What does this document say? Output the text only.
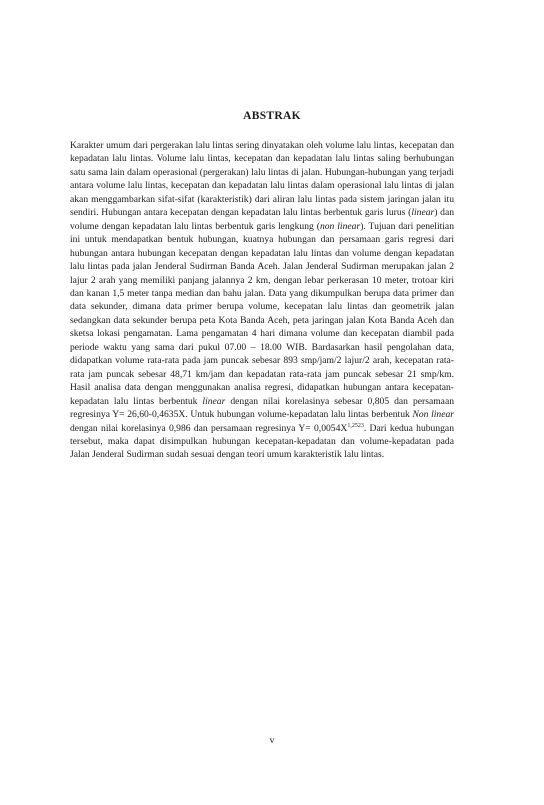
ABSTRAK

Karakter umum dari pergerakan lalu lintas sering dinyatakan oleh volume lalu lintas, kecepatan dan kepadatan lalu lintas. Volume lalu lintas, kecepatan dan kepadatan lalu lintas saling berhubungan satu sama lain dalam operasional (pergerakan) lalu lintas di jalan. Hubungan-hubungan yang terjadi antara volume lalu lintas, kecepatan dan kepadatan lalu lintas dalam operasional lalu lintas di jalan akan menggambarkan sifat-sifat (karakteristik) dari aliran lalu lintas pada sistem jaringan jalan itu sendiri. Hubungan antara kecepatan dengan kepadatan lalu lintas berbentuk garis lurus (linear) dan volume dengan kepadatan lalu lintas berbentuk garis lengkung (non linear). Tujuan dari penelitian ini untuk mendapatkan bentuk hubungan, kuatnya hubungan dan persamaan garis regresi dari hubungan antara hubungan kecepatan dengan kepadatan lalu lintas dan volume dengan kepadatan lalu lintas pada jalan Jenderal Sudirman Banda Aceh. Jalan Jenderal Sudirman merupakan jalan 2 lajur 2 arah yang memiliki panjang jalannya 2 km, dengan lebar perkerasan 10 meter, trotoar kiri dan kanan 1,5 meter tanpa median dan bahu jalan. Data yang dikumpulkan berupa data primer dan data sekunder, dimana data primer berupa volume, kecepatan lalu lintas dan geometrik jalan sedangkan data sekunder berupa peta Kota Banda Aceh, peta jaringan jalan Kota Banda Aceh dan sketsa lokasi pengamatan. Lama pengamatan 4 hari dimana volume dan kecepatan diambil pada periode waktu yang sama dari pukul 07.00 – 18.00 WIB. Bardasarkan hasil pengolahan data, didapatkan volume rata-rata pada jam puncak sebesar 893 smp/jam/2 lajur/2 arah, kecepatan rata-rata jam puncak sebesar 48,71 km/jam dan kepadatan rata-rata jam puncak sebesar 21 smp/km. Hasil analisa data dengan menggunakan analisa regresi, didapatkan hubungan antara kecepatan-kepadatan lalu lintas berbentuk linear dengan nilai korelasinya sebesar 0,805 dan persamaan regresinya Y= 26,60-0,4635X. Untuk hubungan volume-kepadatan lalu lintas berbentuk Non linear dengan nilai korelasinya 0,986 dan persamaan regresinya $Y= 0,0054X^{1,2523}$. Dari kedua hubungan tersebut, maka dapat disimpulkan hubungan kecepatan-kepadatan dan volume-kepadatan pada Jalan Jenderal Sudirman sudah sesuai dengan teori umum karakteristik lalu lintas.

v
